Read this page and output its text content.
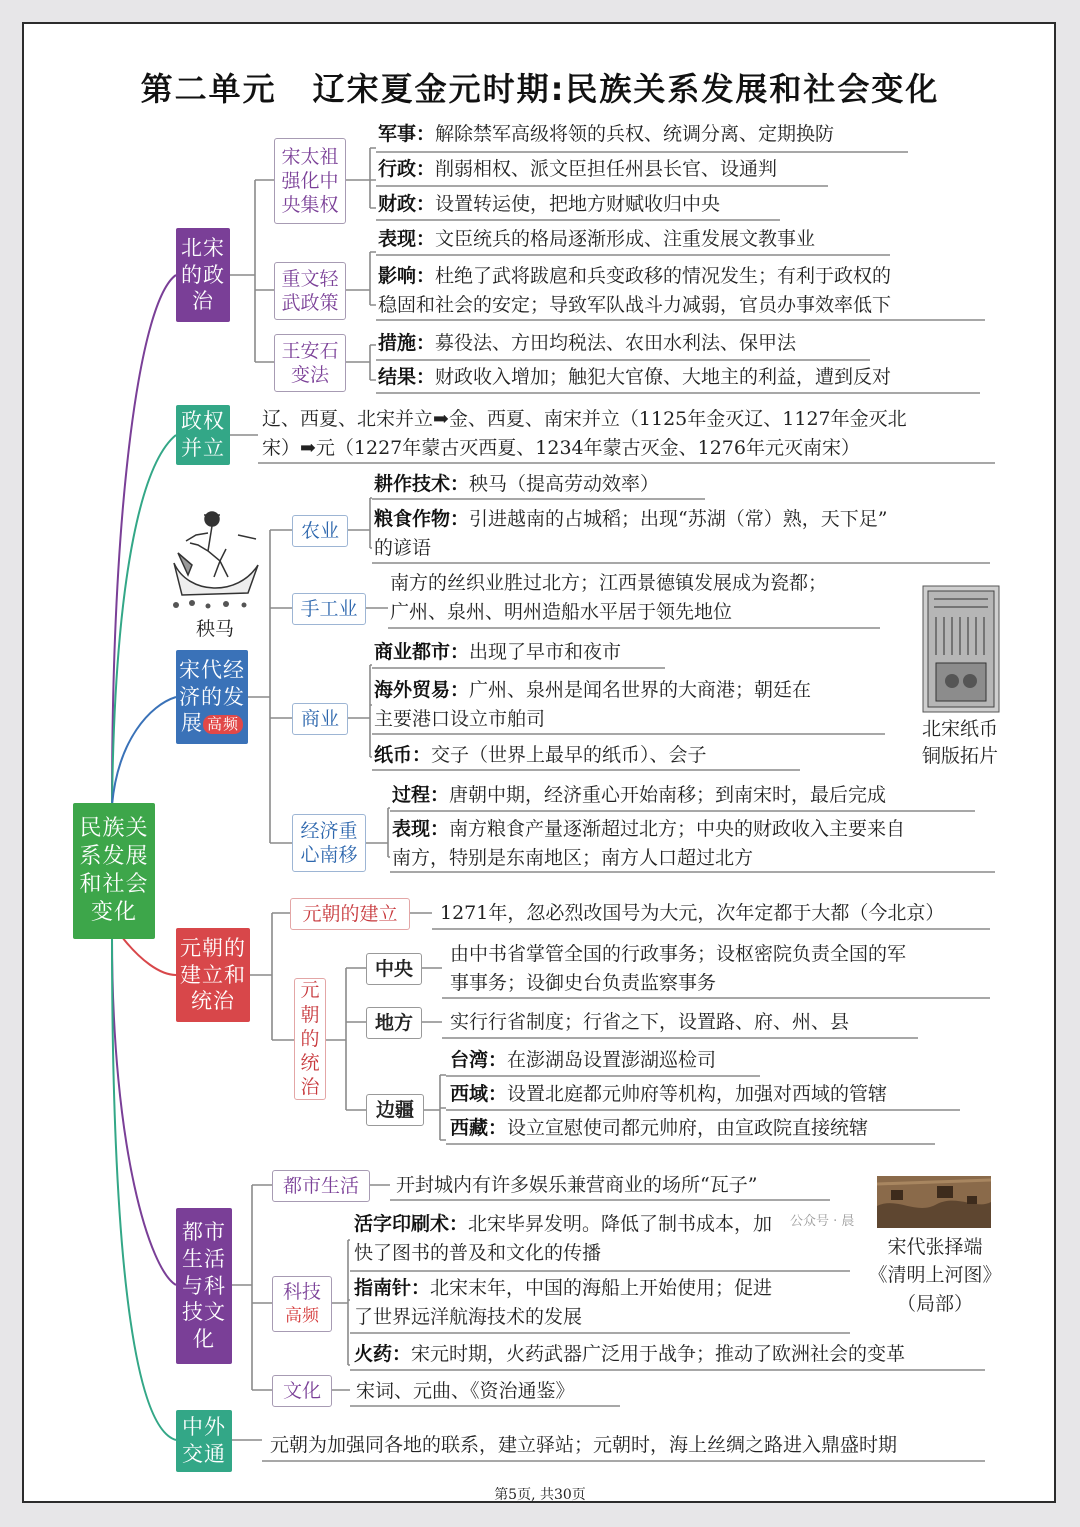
第二单元 辽宋夏金元时期:民族关系发展和社会变化
民族关系发展和社会变化
北宋的政治
宋太祖强化中央集权
军事：解除禁军高级将领的兵权、统调分离、定期换防
行政：削弱相权、派文臣担任州县长官、设通判
财政：设置转运使，把地方财赋收归中央
重文轻武政策
表现：文臣统兵的格局逐渐形成、注重发展文教事业
影响：杜绝了武将跋扈和兵变政移的情况发生；有利于政权的
稳固和社会的安定；导致军队战斗力减弱，官员办事效率低下
王安石变法
措施：募役法、方田均税法、农田水利法、保甲法
结果：财政收入增加；触犯大官僚、大地主的利益，遭到反对
政权并立
辽、西夏、北宋并立➡金、西夏、南宋并立（1125年金灭辽、1127年金灭北
宋）➡元（1227年蒙古灭西夏、1234年蒙古灭金、1276年元灭南宋）
秧马
宋代经济的发展 高频
农业
耕作技术：秧马（提高劳动效率）
粮食作物：引进越南的占城稻；出现“苏湖（常）熟，天下足”
的谚语
手工业
南方的丝织业胜过北方；江西景德镇发展成为瓷都；
广州、泉州、明州造船水平居于领先地位
商业
商业都市：出现了早市和夜市
海外贸易：广州、泉州是闻名世界的大商港；朝廷在
主要港口设立市舶司
纸币：交子（世界上最早的纸币）、会子
北宋纸币
铜版拓片
经济重心南移
过程：唐朝中期，经济重心开始南移；到南宋时，最后完成
表现：南方粮食产量逐渐超过北方；中央的财政收入主要来自
南方，特别是东南地区；南方人口超过北方
元朝的建立和统治
元朝的建立 1271年，忽必烈改国号为大元，次年定都于大都（今北京）
元朝的统治
中央
由中书省掌管全国的行政事务；设枢密院负责全国的军
事事务；设御史台负责监察事务
地方 实行行省制度；行省之下，设置路、府、州、县
边疆
台湾：在澎湖岛设置澎湖巡检司
西域：设置北庭都元帅府等机构，加强对西域的管辖
西藏：设立宣慰使司都元帅府，由宣政院直接统辖
都市生活与科技文化
都市生活 开封城内有许多娱乐兼营商业的场所“瓦子”
科技
高频
活字印刷术：北宋毕昇发明。降低了制书成本，加
快了图书的普及和文化的传播
指南针：北宋末年，中国的海船上开始使用；促进
了世界远洋航海技术的发展
火药：宋元时期，火药武器广泛用于战争；推动了欧洲社会的变革
文化 宋词、元曲、《资治通鉴》
公众号 · 晨
宋代张择端
《清明上河图》
（局部）
中外交通 元朝为加强同各地的联系，建立驿站；元朝时，海上丝绸之路进入鼎盛时期
第5页, 共30页
